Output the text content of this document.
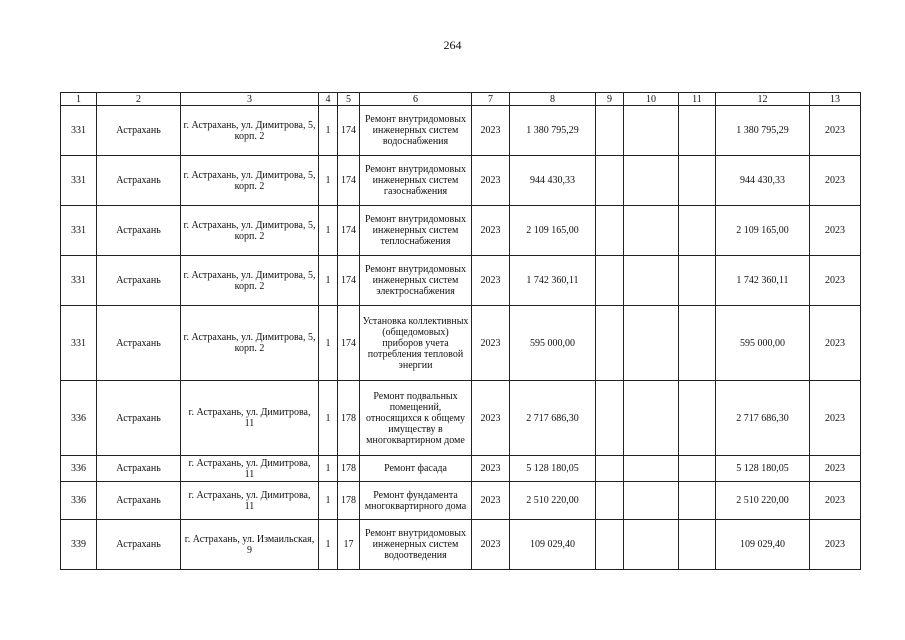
264
1	2	3	4	5	6	7	8	9	10	11	12	13
331	Астрахань	г. Астрахань, ул. Димитрова, 5, корп. 2	1	174	Ремонт внутридомовых инженерных систем водоснабжения	2023	1 380 795,29				1 380 795,29	2023
331	Астрахань	г. Астрахань, ул. Димитрова, 5, корп. 2	1	174	Ремонт внутридомовых инженерных систем газоснабжения	2023	944 430,33				944 430,33	2023
331	Астрахань	г. Астрахань, ул. Димитрова, 5, корп. 2	1	174	Ремонт внутридомовых инженерных систем теплоснабжения	2023	2 109 165,00				2 109 165,00	2023
331	Астрахань	г. Астрахань, ул. Димитрова, 5, корп. 2	1	174	Ремонт внутридомовых инженерных систем электроснабжения	2023	1 742 360,11				1 742 360,11	2023
331	Астрахань	г. Астрахань, ул. Димитрова, 5, корп. 2	1	174	Установка коллективных (общедомовых) приборов учета потребления тепловой энергии	2023	595 000,00				595 000,00	2023
336	Астрахань	г. Астрахань, ул. Димитрова, 11	1	178	Ремонт подвальных помещений, относящихся к общему имуществу в многоквартирном доме	2023	2 717 686,30				2 717 686,30	2023
336	Астрахань	г. Астрахань, ул. Димитрова, 11	1	178	Ремонт фасада	2023	5 128 180,05				5 128 180,05	2023
336	Астрахань	г. Астрахань, ул. Димитрова, 11	1	178	Ремонт фундамента многоквартирного дома	2023	2 510 220,00				2 510 220,00	2023
339	Астрахань	г. Астрахань, ул. Измаильская, 9	1	17	Ремонт внутридомовых инженерных систем водоотведения	2023	109 029,40				109 029,40	2023
